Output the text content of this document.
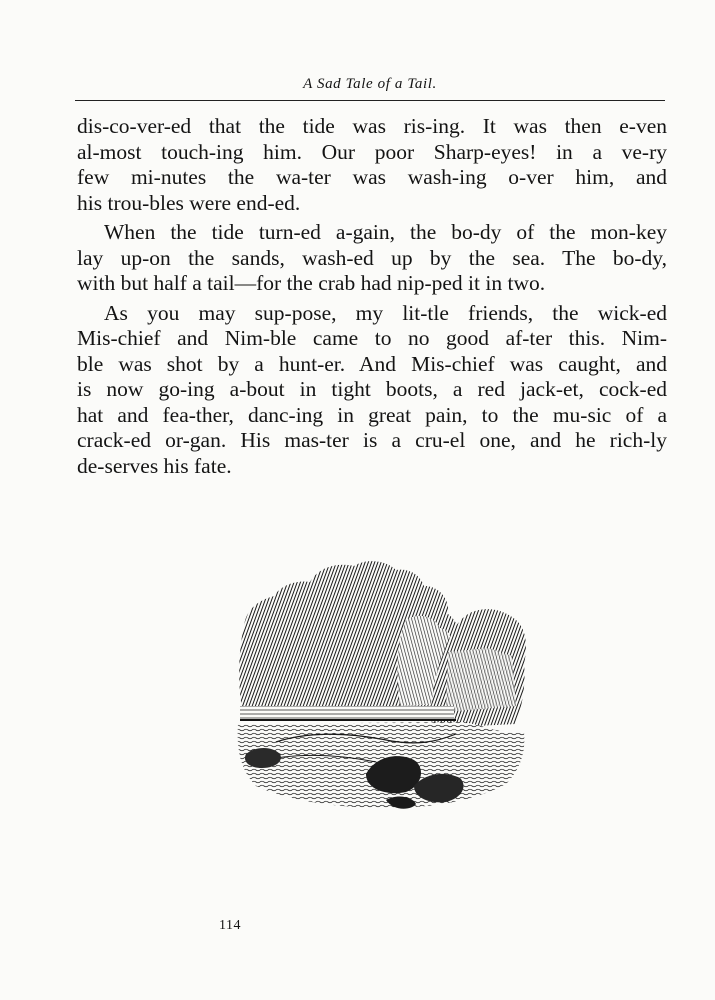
A Sad Tale of a Tail.
dis-co-ver-ed that the tide was ris-ing. It was then e-ven
al-most touch-ing him. Our poor Sharp-eyes! in a ve-ry
few mi-nutes the wa-ter was wash-ing o-ver him, and
his trou-bles were end-ed.
When the tide turn-ed a-gain, the bo-dy of the mon-key
lay up-on the sands, wash-ed up by the sea. The bo-dy,
with but half a tail—for the crab had nip-ped it in two.
As you may sup-pose, my lit-tle friends, the wick-ed
Mis-chief and Nim-ble came to no good af-ter this. Nim-
ble was shot by a hunt-er. And Mis-chief was caught, and
is now go-ing a-bout in tight boots, a red jack-et, cock-ed
hat and fea-ther, danc-ing in great pain, to the mu-sic of a
crack-ed or-gan. His mas-ter is a cru-el one, and he rich-ly
de-serves his fate.
114
